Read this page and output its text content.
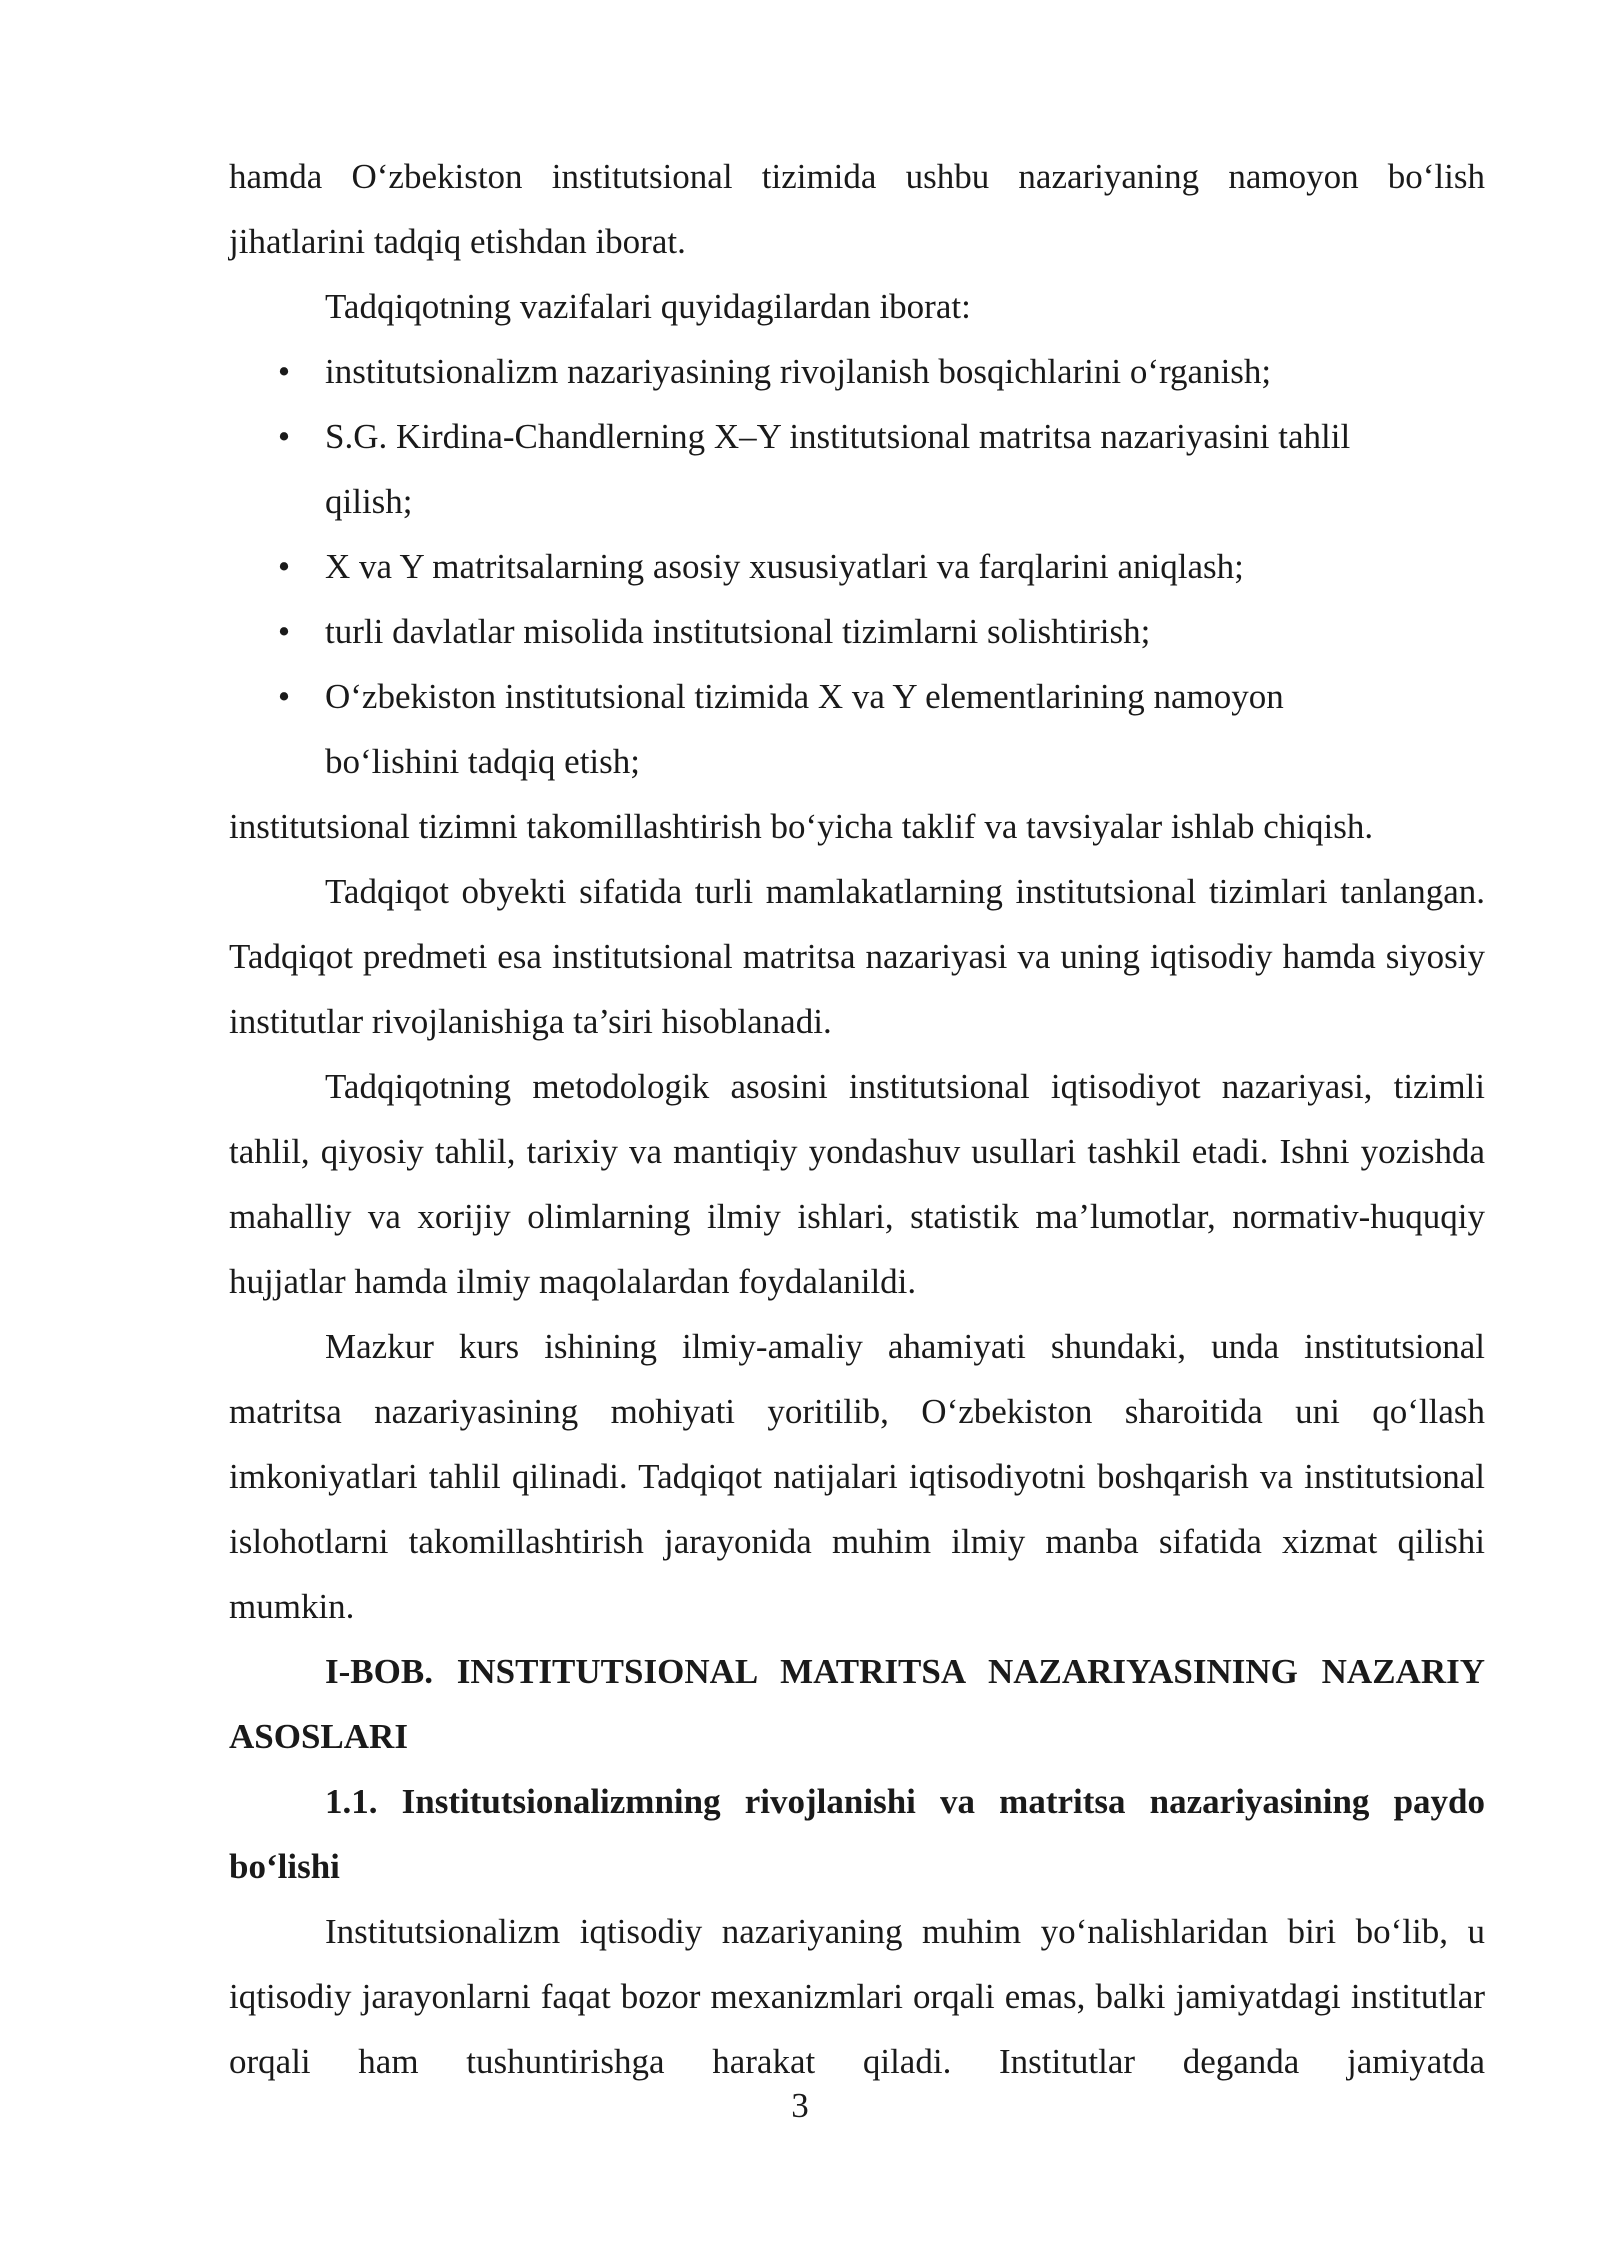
hamda O‘zbekiston institutsional tizimida ushbu nazariyaning namoyon bo‘lish jihatlarini tadqiq etishdan iborat.

Tadqiqotning vazifalari quyidagilardan iborat:

• institutsionalizm nazariyasining rivojlanish bosqichlarini o‘rganish;
• S.G. Kirdina-Chandlerning X–Y institutsional matritsa nazariyasini tahlil qilish;
• X va Y matritsalarning asosiy xususiyatlari va farqlarini aniqlash;
• turli davlatlar misolida institutsional tizimlarni solishtirish;
• O‘zbekiston institutsional tizimida X va Y elementlarining namoyon bo‘lishini tadqiq etish;

institutsional tizimni takomillashtirish bo‘yicha taklif va tavsiyalar ishlab chiqish.

Tadqiqot obyekti sifatida turli mamlakatlarning institutsional tizimlari tanlangan. Tadqiqot predmeti esa institutsional matritsa nazariyasi va uning iqtisodiy hamda siyosiy institutlar rivojlanishiga ta’siri hisoblanadi.

Tadqiqotning metodologik asosini institutsional iqtisodiyot nazariyasi, tizimli tahlil, qiyosiy tahlil, tarixiy va mantiqiy yondashuv usullari tashkil etadi. Ishni yozishda mahalliy va xorijiy olimlarning ilmiy ishlari, statistik ma’lumotlar, normativ-huquqiy hujjatlar hamda ilmiy maqolalardan foydalanildi.

Mazkur kurs ishining ilmiy-amaliy ahamiyati shundaki, unda institutsional matritsa nazariyasining mohiyati yoritilib, O‘zbekiston sharoitida uni qo‘llash imkoniyatlari tahlil qilinadi. Tadqiqot natijalari iqtisodiyotni boshqarish va institutsional islohotlarni takomillashtirish jarayonida muhim ilmiy manba sifatida xizmat qilishi mumkin.

I-BOB. INSTITUTSIONAL MATRITSA NAZARIYASINING NAZARIY ASOSLARI

1.1. Institutsionalizmning rivojlanishi va matritsa nazariyasining paydo bo‘lishi

Institutsionalizm iqtisodiy nazariyaning muhim yo‘nalishlaridan biri bo‘lib, u iqtisodiy jarayonlarni faqat bozor mexanizmlari orqali emas, balki jamiyatdagi institutlar orqali ham tushuntirishga harakat qiladi. Institutlar deganda jamiyatda

3
